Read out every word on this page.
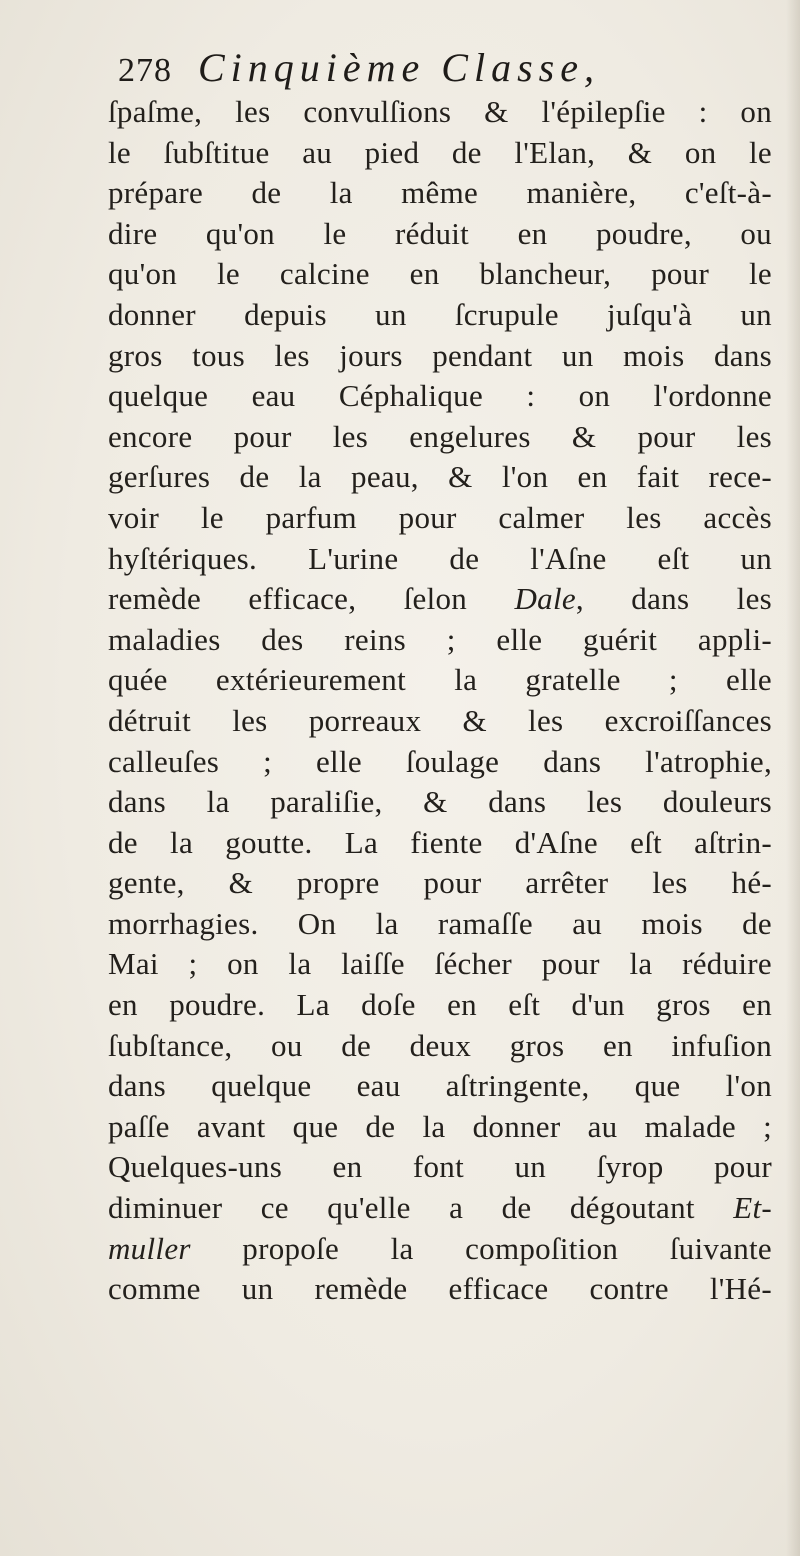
278 Cinquième Classe,
ſpaſme, les convulſions & l'épilepſie : on
le ſubſtitue au pied de l'Elan, & on le
prépare de la même manière, c'eſt-à-
dire qu'on le réduit en poudre, ou
qu'on le calcine en blancheur, pour le
donner depuis un ſcrupule juſqu'à un
gros tous les jours pendant un mois dans
quelque eau Céphalique : on l'ordonne
encore pour les engelures & pour les
gerſures de la peau, & l'on en fait rece-
voir le parfum pour calmer les accès
hyſtériques. L'urine de l'Aſne eſt un
remède efficace, ſelon Dale, dans les
maladies des reins ; elle guérit appli-
quée extérieurement la gratelle ; elle
détruit les porreaux & les excroiſſances
calleuſes ; elle ſoulage dans l'atrophie,
dans la paraliſie, & dans les douleurs
de la goutte. La fiente d'Aſne eſt aſtrin-
gente, & propre pour arrêter les hé-
morrhagies. On la ramaſſe au mois de
Mai ; on la laiſſe ſécher pour la réduire
en poudre. La doſe en eſt d'un gros en
ſubſtance, ou de deux gros en infuſion
dans quelque eau aſtringente, que l'on
paſſe avant que de la donner au malade ;
Quelques-uns en font un ſyrop pour
diminuer ce qu'elle a de dégoutant Et-
muller propoſe la compoſition ſuivante
comme un remède efficace contre l'Hé-
